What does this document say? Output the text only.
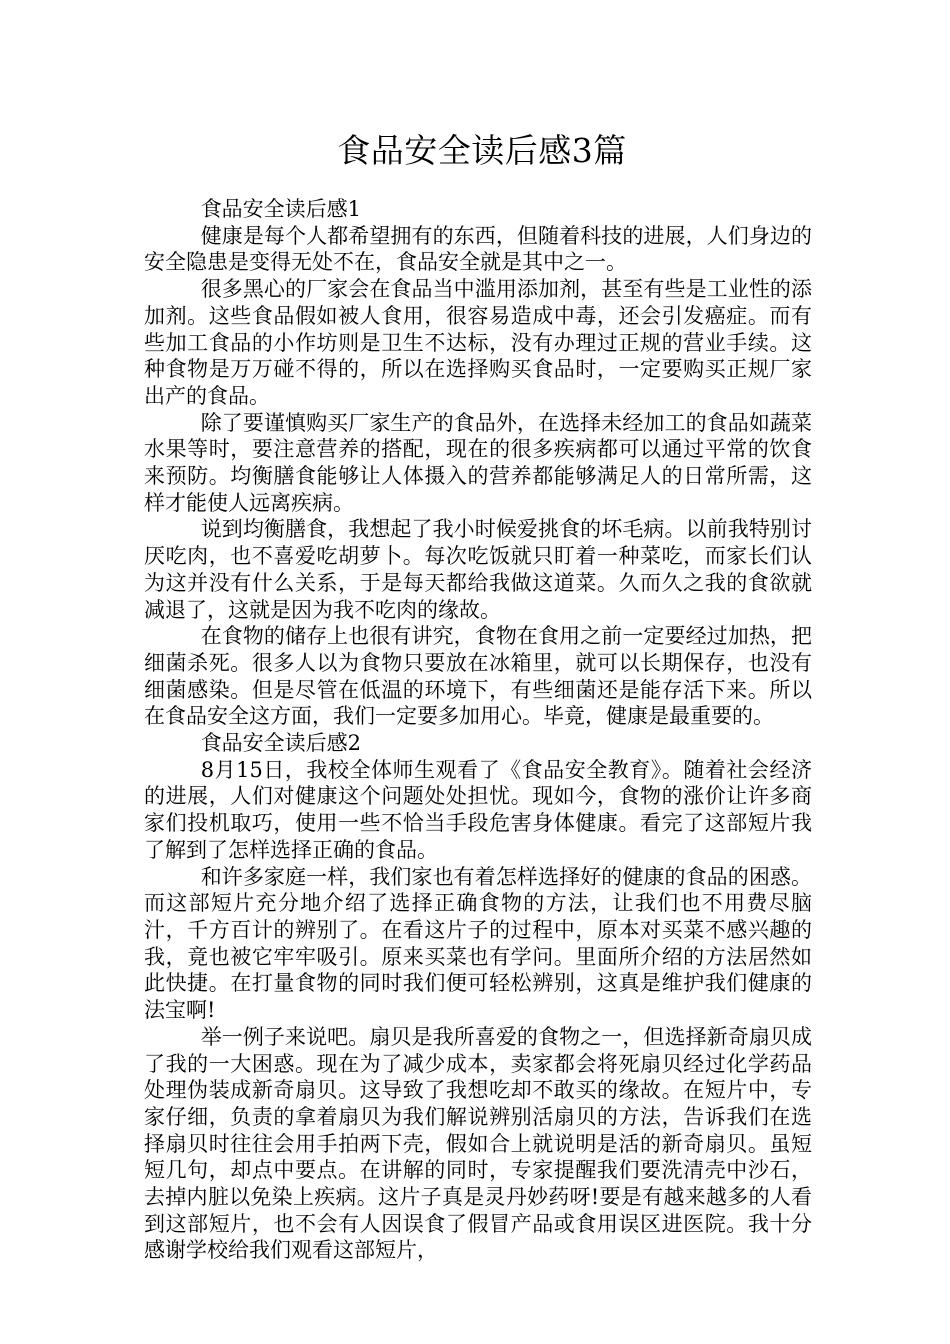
食品安全读后感3篇

食品安全读后感1

健康是每个人都希望拥有的东西，但随着科技的进展，人们身边的安全隐患是变得无处不在，食品安全就是其中之一。

很多黑心的厂家会在食品当中滥用添加剂，甚至有些是工业性的添加剂。这些食品假如被人食用，很容易造成中毒，还会引发癌症。而有些加工食品的小作坊则是卫生不达标，没有办理过正规的营业手续。这种食物是万万碰不得的，所以在选择购买食品时，一定要购买正规厂家出产的食品。

除了要谨慎购买厂家生产的食品外，在选择未经加工的食品如蔬菜水果等时，要注意营养的搭配，现在的很多疾病都可以通过平常的饮食来预防。均衡膳食能够让人体摄入的营养都能够满足人的日常所需，这样才能使人远离疾病。

说到均衡膳食，我想起了我小时候爱挑食的坏毛病。以前我特别讨厌吃肉，也不喜爱吃胡萝卜。每次吃饭就只盯着一种菜吃，而家长们认为这并没有什么关系，于是每天都给我做这道菜。久而久之我的食欲就减退了，这就是因为我不吃肉的缘故。

在食物的储存上也很有讲究，食物在食用之前一定要经过加热，把细菌杀死。很多人以为食物只要放在冰箱里，就可以长期保存，也没有细菌感染。但是尽管在低温的环境下，有些细菌还是能存活下来。所以在食品安全这方面，我们一定要多加用心。毕竟，健康是最重要的。

食品安全读后感2

8月15日，我校全体师生观看了《食品安全教育》。随着社会经济的进展，人们对健康这个问题处处担忧。现如今，食物的涨价让许多商家们投机取巧，使用一些不恰当手段危害身体健康。看完了这部短片我了解到了怎样选择正确的食品。

和许多家庭一样，我们家也有着怎样选择好的健康的食品的困惑。而这部短片充分地介绍了选择正确食物的方法，让我们也不用费尽脑汁，千方百计的辨别了。在看这片子的过程中，原本对买菜不感兴趣的我，竟也被它牢牢吸引。原来买菜也有学问。里面所介绍的方法居然如此快捷。在打量食物的同时我们便可轻松辨别，这真是维护我们健康的法宝啊!

举一例子来说吧。扇贝是我所喜爱的食物之一，但选择新奇扇贝成了我的一大困惑。现在为了减少成本，卖家都会将死扇贝经过化学药品处理伪装成新奇扇贝。这导致了我想吃却不敢买的缘故。在短片中，专家仔细，负责的拿着扇贝为我们解说辨别活扇贝的方法，告诉我们在选择扇贝时往往会用手拍两下壳，假如合上就说明是活的新奇扇贝。虽短短几句，却点中要点。在讲解的同时，专家提醒我们要洗清壳中沙石，去掉内脏以免染上疾病。这片子真是灵丹妙药呀!要是有越来越多的人看到这部短片，也不会有人因误食了假冒产品或食用误区进医院。我十分感谢学校给我们观看这部短片，
